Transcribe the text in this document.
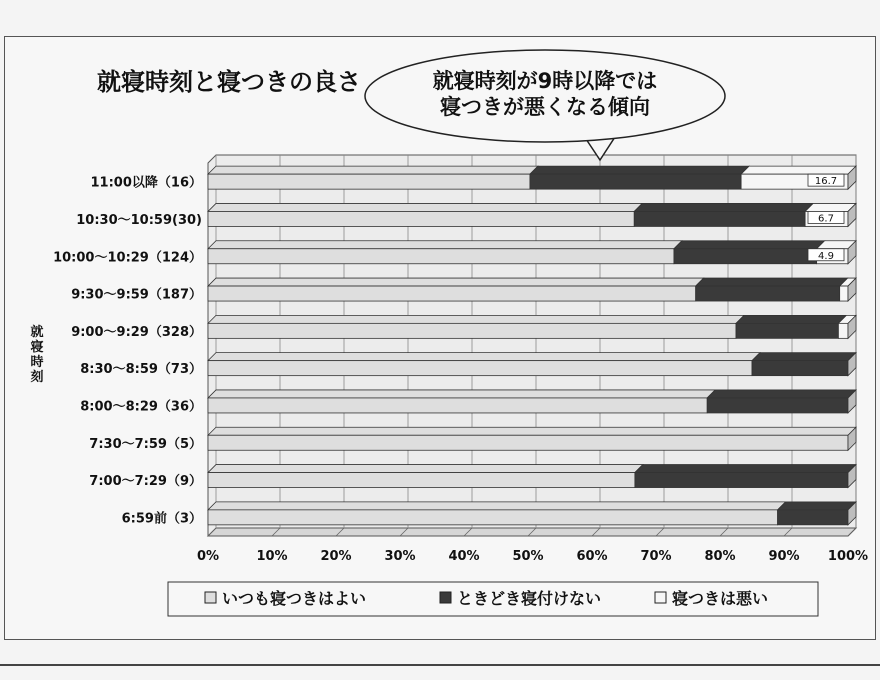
就寝時刻と寝つきの良さ
0%	10%	20%	30%	40%	50%	60%	70%	80%	90% 100%
16.7
11:00以降（16）
6.7
10:30〜10:59(30)
4.9
10:00〜10:29（124）
9:30〜9:59（187）
9:00〜9:29（328）
8:30〜8:59（73）
8:00〜8:29（36）
7:30〜7:59（5）
7:00〜7:29（9）
6:59前（3）
就
寝
時
刻
就寝時刻が9時以降では
寝つきが悪くなる傾向
いつも寝つきはよい	ときどき寝付けない	寝つきは悪い
